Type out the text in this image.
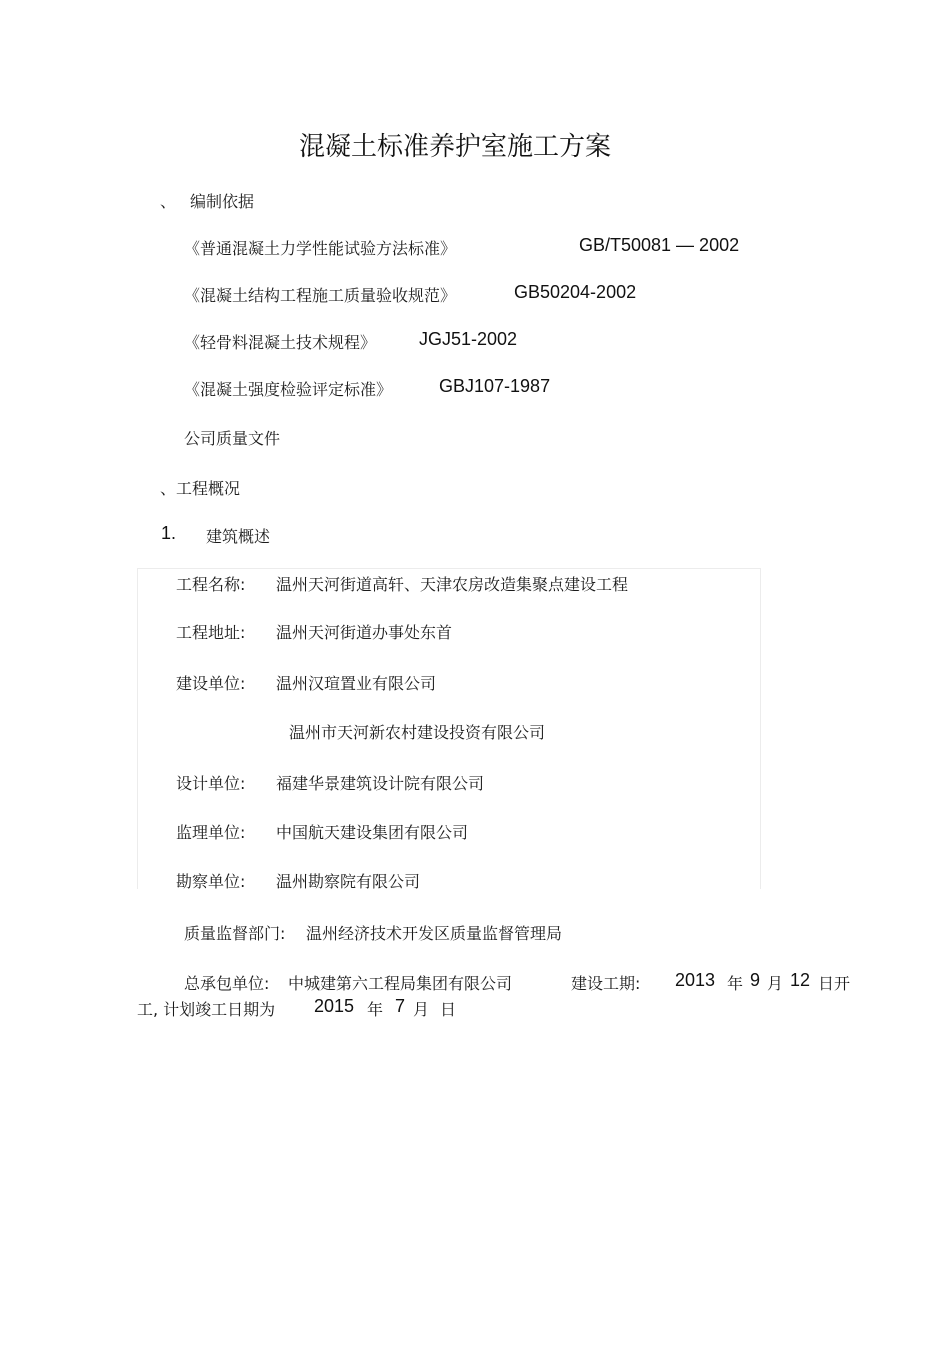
混凝土标准养护室施工方案
、 编制依据
《普通混凝土力学性能试验方法标准》	GB/T50081 — 2002
《混凝土结构工程施工质量验收规范》	GB50204-2002
《轻骨料混凝土技术规程》 JGJ51-2002
《混凝土强度检验评定标准》	GBJ107-1987
公司质量文件
、工程概况
1. 建筑概述
工程名称: 温州天河街道高轩、天津农房改造集聚点建设工程
工程地址: 温州天河街道办事处东首
建设单位: 温州汉瑄置业有限公司
温州市天河新农村建设投资有限公司
设计单位: 福建华景建筑设计院有限公司
监理单位: 中国航天建设集团有限公司
勘察单位: 温州勘察院有限公司
质量监督部门: 温州经济技术开发区质量监督管理局
总承包单位: 中城建第六工程局集团有限公司	建设工期: 2013 年 9 月 12 日开
工, 计划竣工日期为 2015 年 7 月 日
